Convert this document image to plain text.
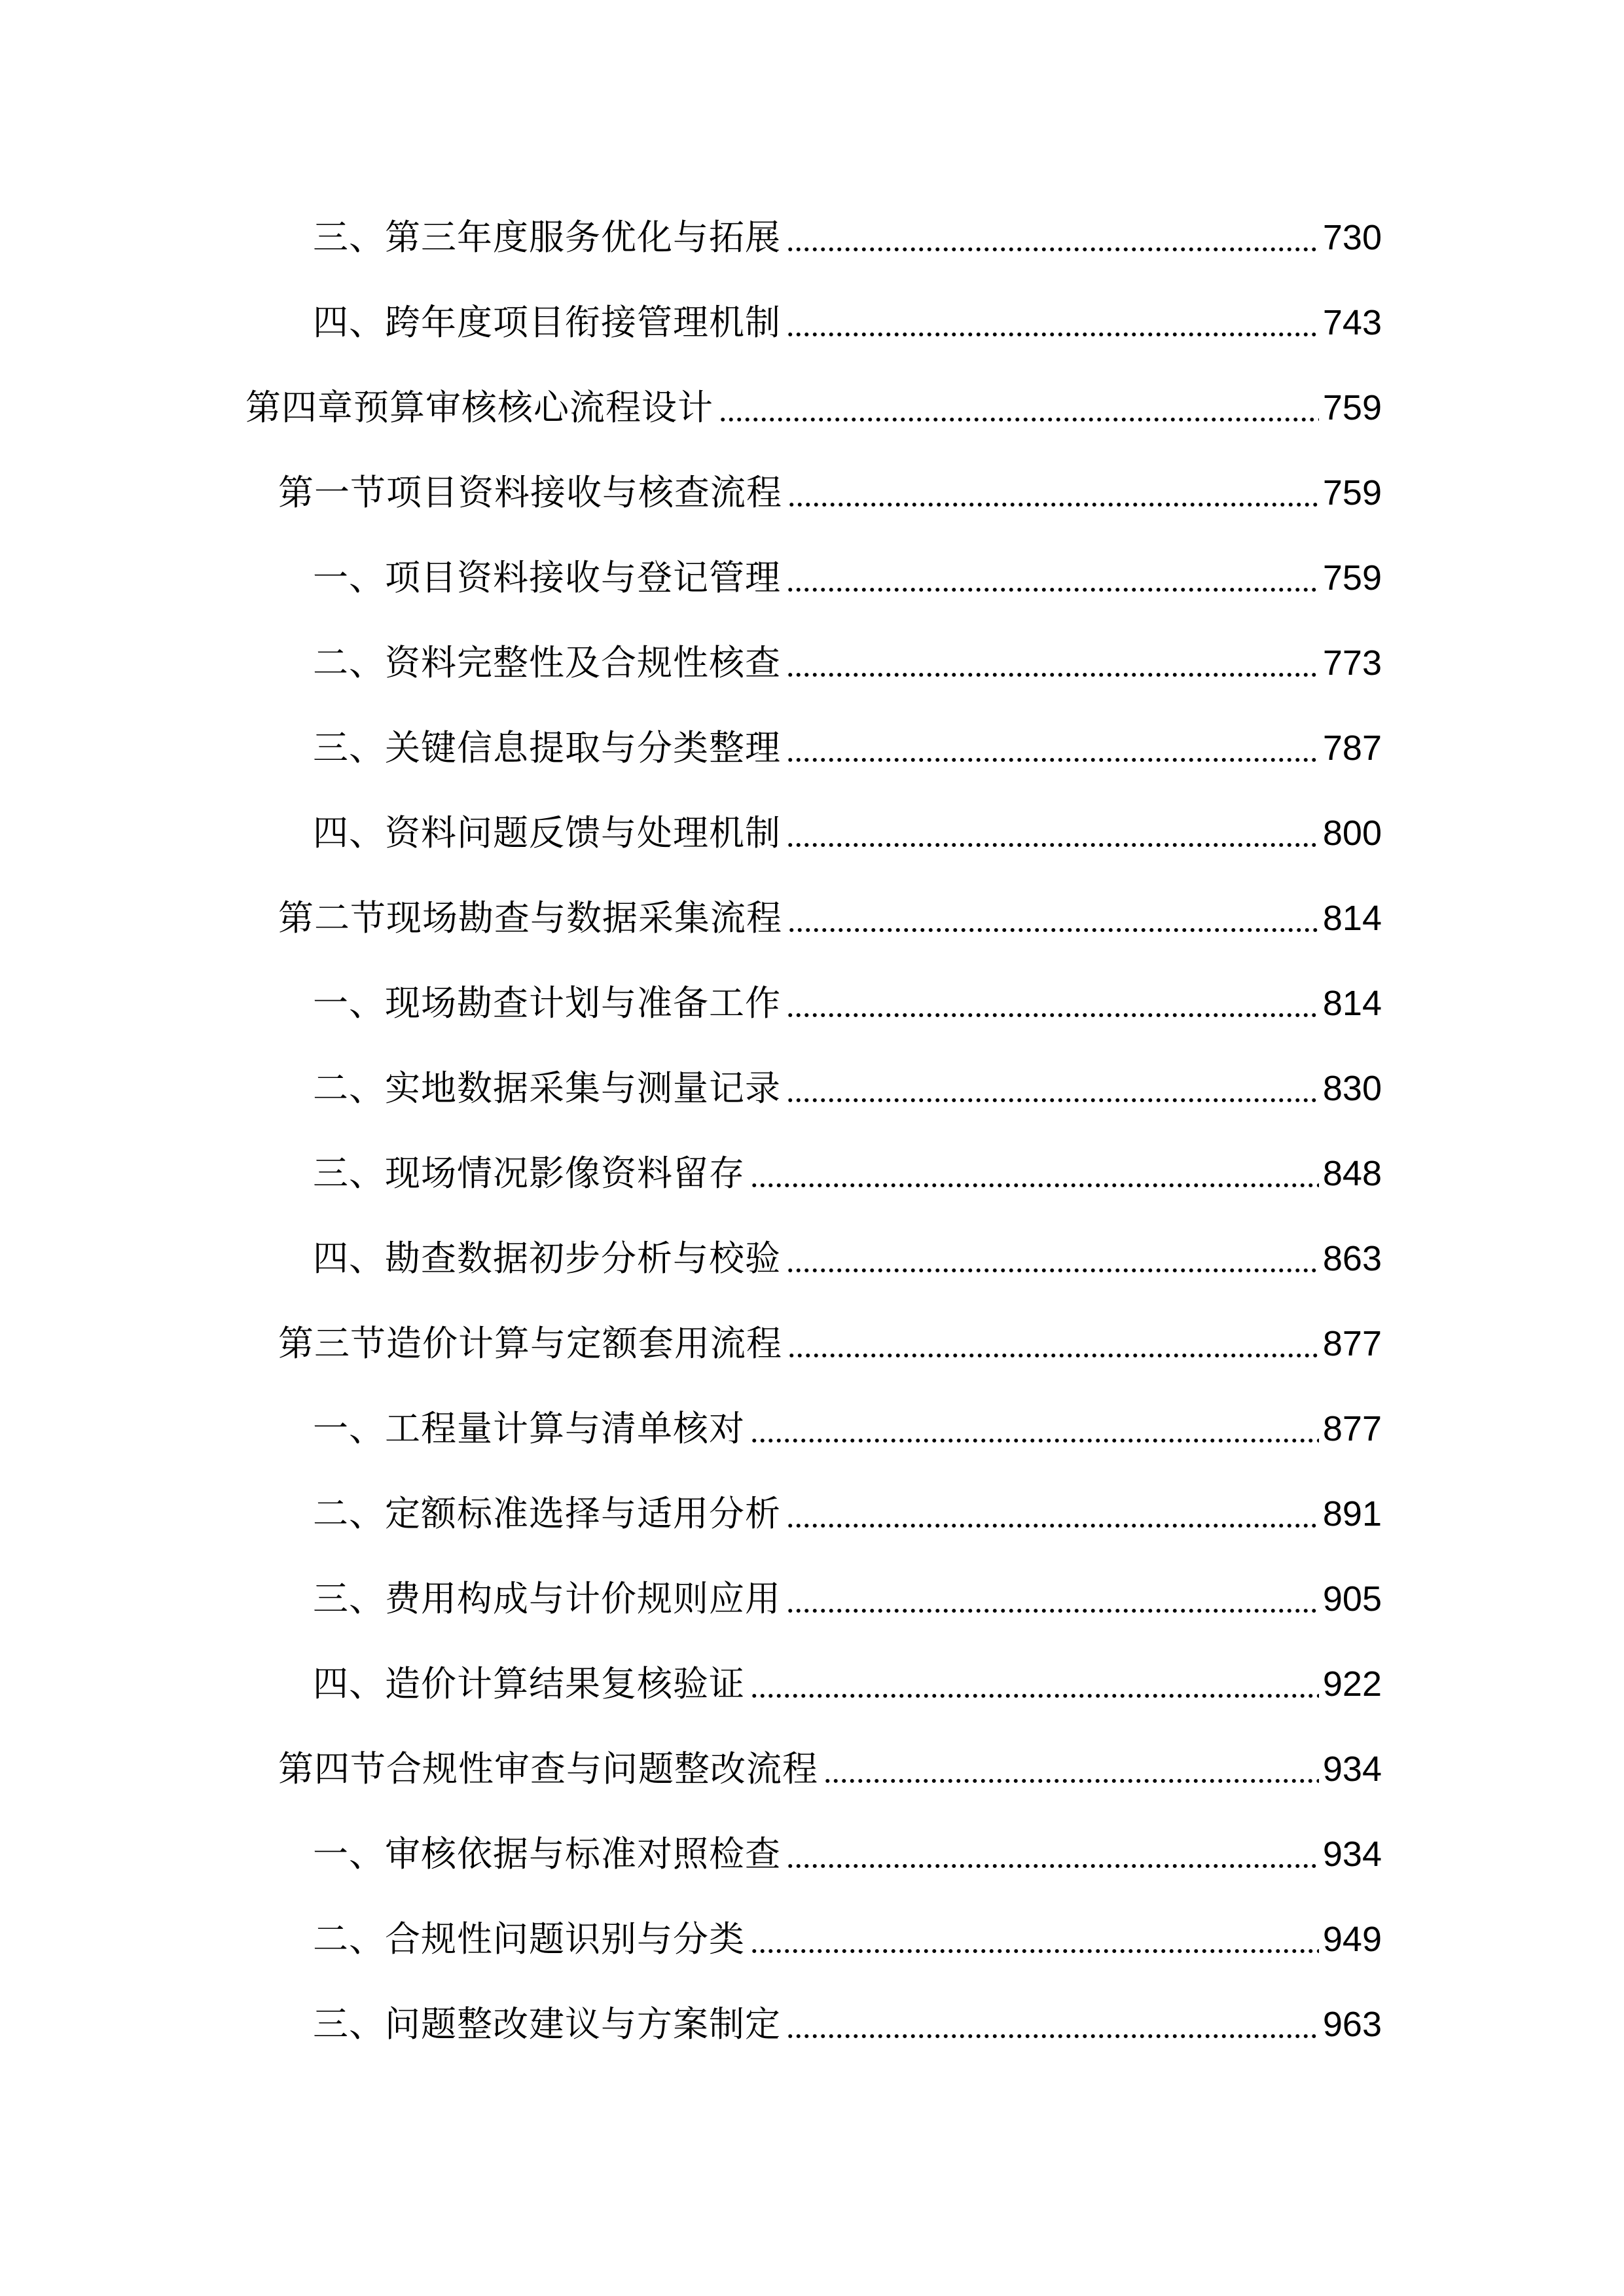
三、第三年度服务优化与拓展	730
四、跨年度项目衔接管理机制	743
第四章预算审核核心流程设计	759
第一节项目资料接收与核查流程	759
一、项目资料接收与登记管理	759
二、资料完整性及合规性核查	773
三、关键信息提取与分类整理	787
四、资料问题反馈与处理机制	800
第二节现场勘查与数据采集流程	814
一、现场勘查计划与准备工作	814
二、实地数据采集与测量记录	830
三、现场情况影像资料留存	848
四、勘查数据初步分析与校验	863
第三节造价计算与定额套用流程	877
一、工程量计算与清单核对	877
二、定额标准选择与适用分析	891
三、费用构成与计价规则应用	905
四、造价计算结果复核验证	922
第四节合规性审查与问题整改流程	934
一、审核依据与标准对照检查	934
二、合规性问题识别与分类	949
三、问题整改建议与方案制定	963
